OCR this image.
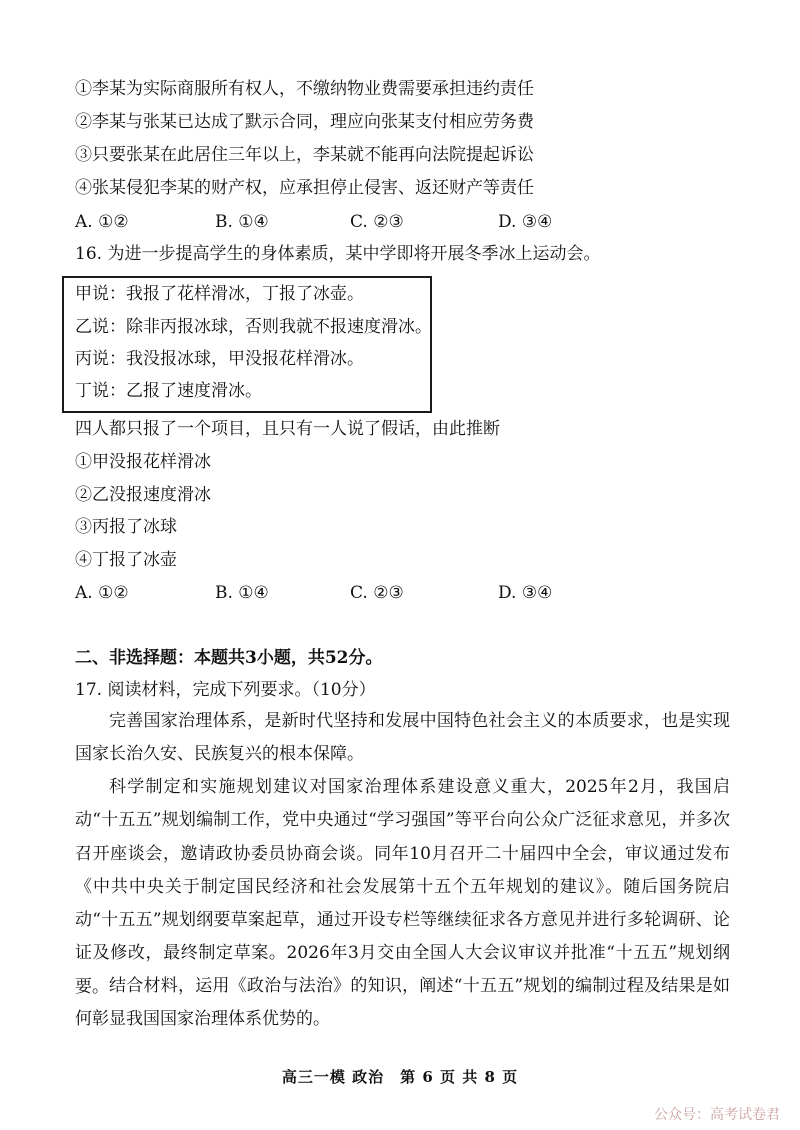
①李某为实际商服所有权人，不缴纳物业费需要承担违约责任
②李某与张某已达成了默示合同，理应向张某支付相应劳务费
③只要张某在此居住三年以上，李某就不能再向法院提起诉讼
④张某侵犯李某的财产权，应承担停止侵害、返还财产等责任
A. ①②	B. ①④	C. ②③	D. ③④
16. 为进一步提高学生的身体素质，某中学即将开展冬季冰上运动会。
甲说：我报了花样滑冰，丁报了冰壶。
乙说：除非丙报冰球，否则我就不报速度滑冰。
丙说：我没报冰球，甲没报花样滑冰。
丁说：乙报了速度滑冰。
四人都只报了一个项目，且只有一人说了假话，由此推断
①甲没报花样滑冰
②乙没报速度滑冰
③丙报了冰球
④丁报了冰壶
A. ①②	B. ①④	C. ②③	D. ③④
二、非选择题：本题共3小题，共52分。
17. 阅读材料，完成下列要求。（10分）
完善国家治理体系，是新时代坚持和发展中国特色社会主义的本质要求，也是实现国家长治久安、民族复兴的根本保障。
科学制定和实施规划建议对国家治理体系建设意义重大，2025年2月，我国启动“十五五”规划编制工作，党中央通过“学习强国”等平台向公众广泛征求意见，并多次召开座谈会，邀请政协委员协商会谈。同年10月召开二十届四中全会，审议通过发布《中共中央关于制定国民经济和社会发展第十五个五年规划的建议》。随后国务院启动“十五五”规划纲要草案起草，通过开设专栏等继续征求各方意见并进行多轮调研、论证及修改，最终制定草案。2026年3月交由全国人大会议审议并批准“十五五”规划纲要。 结合材料，运用《政治与法治》的知识，阐述“十五五”规划的编制过程及结果是如何彰显我国国家治理体系优势的。
高三一模 政治　第 6 页 共 8 页
公众号：高考试卷君
